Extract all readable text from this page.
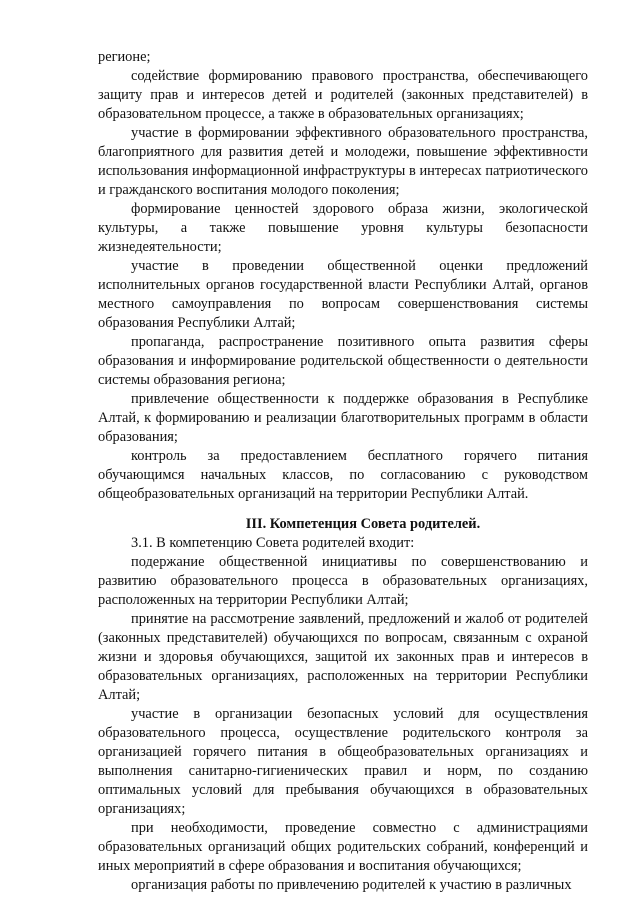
регионе;

содействие формированию правового пространства, обеспечивающего защиту прав и интересов детей и родителей (законных представителей) в образовательном процессе, а также в образовательных организациях;

участие в формировании эффективного образовательного пространства, благоприятного для развития детей и молодежи, повышение эффективности использования информационной инфраструктуры в интересах патриотического и гражданского воспитания молодого поколения;

формирование ценностей здорового образа жизни, экологической культуры, а также повышение уровня культуры безопасности жизнедеятельности;

участие в проведении общественной оценки предложений исполнительных органов государственной власти Республики Алтай, органов местного самоуправления по вопросам совершенствования системы образования Республики Алтай;

пропаганда, распространение позитивного опыта развития сферы образования и информирование родительской общественности о деятельности системы образования региона;

привлечение общественности к поддержке образования в Республике Алтай, к формированию и реализации благотворительных программ в области образования;

контроль за предоставлением бесплатного горячего питания обучающимся начальных классов, по согласованию с руководством общеобразовательных организаций на территории Республики Алтай.

III. Компетенция Совета родителей.

3.1. В компетенцию Совета родителей входит:

подержание общественной инициативы по совершенствованию и развитию образовательного процесса в образовательных организациях, расположенных на территории Республики Алтай;

принятие на рассмотрение заявлений, предложений и жалоб от родителей (законных представителей) обучающихся по вопросам, связанным с охраной жизни и здоровья обучающихся, защитой их законных прав и интересов в образовательных организациях, расположенных на территории Республики Алтай;

участие в организации безопасных условий для осуществления образовательного процесса, осуществление родительского контроля за организацией горячего питания в общеобразовательных организациях и выполнения санитарно-гигиенических правил и норм, по созданию оптимальных условий для пребывания обучающихся в образовательных организациях;

при необходимости, проведение совместно с администрациями образовательных организаций общих родительских собраний, конференций и иных мероприятий в сфере образования и воспитания обучающихся;

организация работы по привлечению родителей к участию в различных
